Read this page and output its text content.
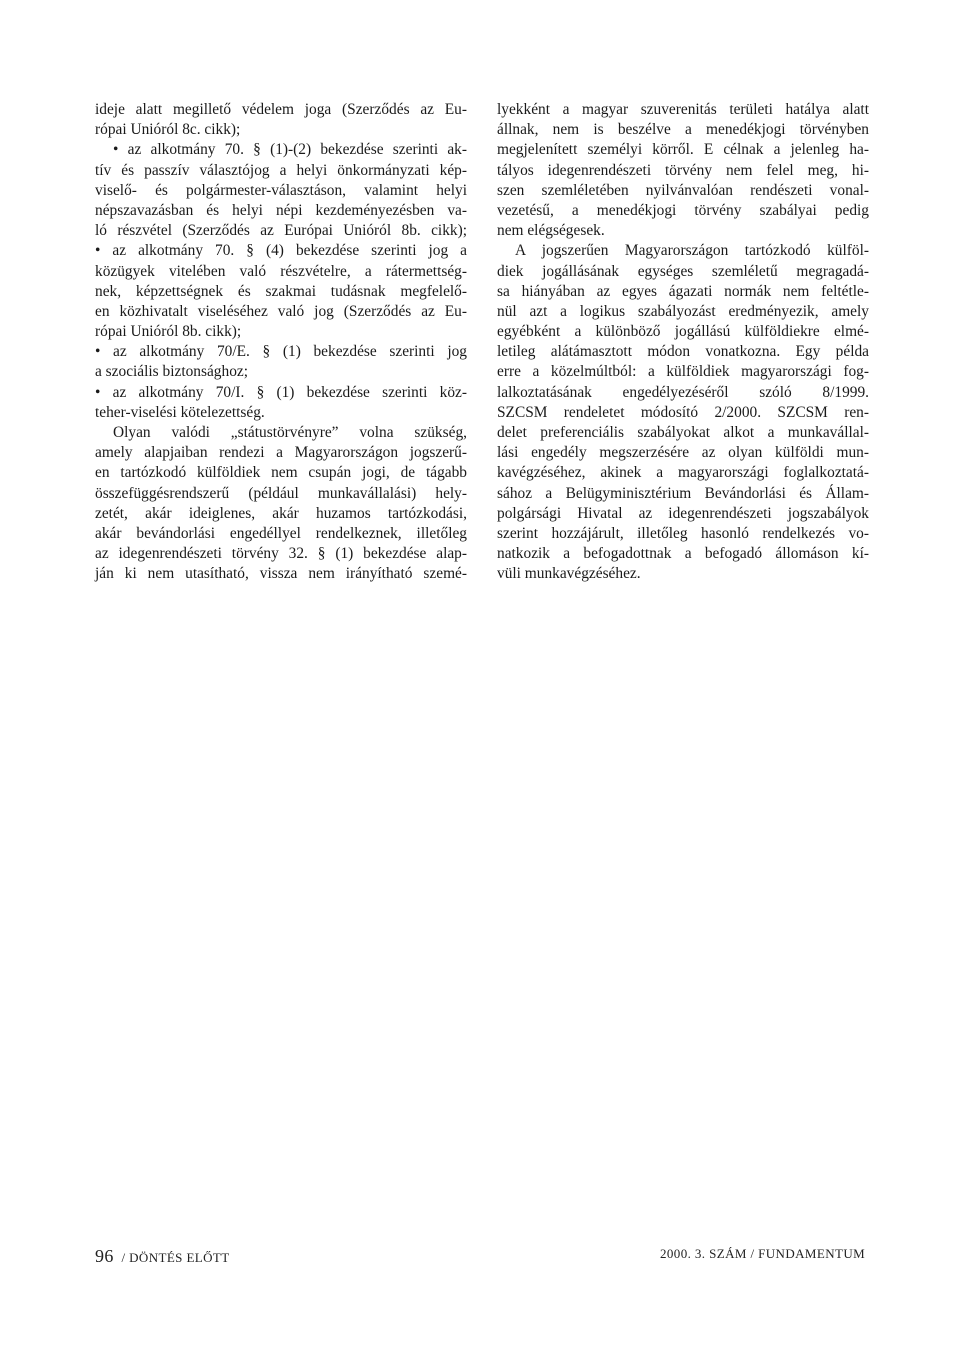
ideje alatt megillető védelem joga (Szerződés az Eu-
rópai Unióról 8c. cikk);
• az alkotmány 70. § (1)-(2) bekezdése szerinti ak-
tív és passzív választójog a helyi önkormányzati kép-
viselő- és polgármester-választáson, valamint helyi
népszavazásban és helyi népi kezdeményezésben va-
ló részvétel (Szerződés az Európai Unióról 8b. cikk);
• az alkotmány 70. § (4) bekezdése szerinti jog a
közügyek vitelében való részvételre, a rátermettség-
nek, képzettségnek és szakmai tudásnak megfelelő-
en közhivatalt viseléséhez való jog (Szerződés az Eu-
rópai Unióról 8b. cikk);
• az alkotmány 70/E. § (1) bekezdése szerinti jog
a szociális biztonsághoz;
• az alkotmány 70/I. § (1) bekezdése szerinti köz-
teher-viselési kötelezettség.
Olyan valódi „státustörvényre” volna szükség,
amely alapjaiban rendezi a Magyarországon jogszerű-
en tartózkodó külföldiek nem csupán jogi, de tágabb
összefüggésrendszerű (például munkavállalási) hely-
zetét, akár ideiglenes, akár huzamos tartózkodási,
akár bevándorlási engedéllyel rendelkeznek, illetőleg
az idegenrendészeti törvény 32. § (1) bekezdése alap-
ján ki nem utasítható, vissza nem irányítható szemé-
lyekként a magyar szuverenitás területi hatálya alatt
állnak, nem is beszélve a menedékjogi törvényben
megjelenített személyi körről. E célnak a jelenleg ha-
tályos idegenrendészeti törvény nem felel meg, hi-
szen szemléletében nyilvánvalóan rendészeti vonal-
vezetésű, a menedékjogi törvény szabályai pedig
nem elégségesek.
A jogszerűen Magyarországon tartózkodó külföl-
diek jogállásának egységes szemléletű megragadá-
sa hiányában az egyes ágazati normák nem feltétle-
nül azt a logikus szabályozást eredményezik, amely
egyébként a különböző jogállású külföldiekre elmé-
letileg alátámasztott módon vonatkozna. Egy példa
erre a közelmúltból: a külföldiek magyarországi fog-
lalkoztatásának engedélyezéséről szóló 8/1999.
SZCSM rendeletet módosító 2/2000. SZCSM ren-
delet preferenciális szabályokat alkot a munkavállal-
lási engedély megszerzésére az olyan külföldi mun-
kavégzéséhez, akinek a magyarországi foglalkoztatá-
sához a Belügyminisztérium Bevándorlási és Állam-
polgársági Hivatal az idegenrendészeti jogszabályok
szerint hozzájárult, illetőleg hasonló rendelkezés vo-
natkozik a befogadottnak a befogadó állomáson kí-
vüli munkavégzéséhez.
96 / DÖNTÉS ELŐTT	2000. 3. SZÁM / FUNDAMENTUM
